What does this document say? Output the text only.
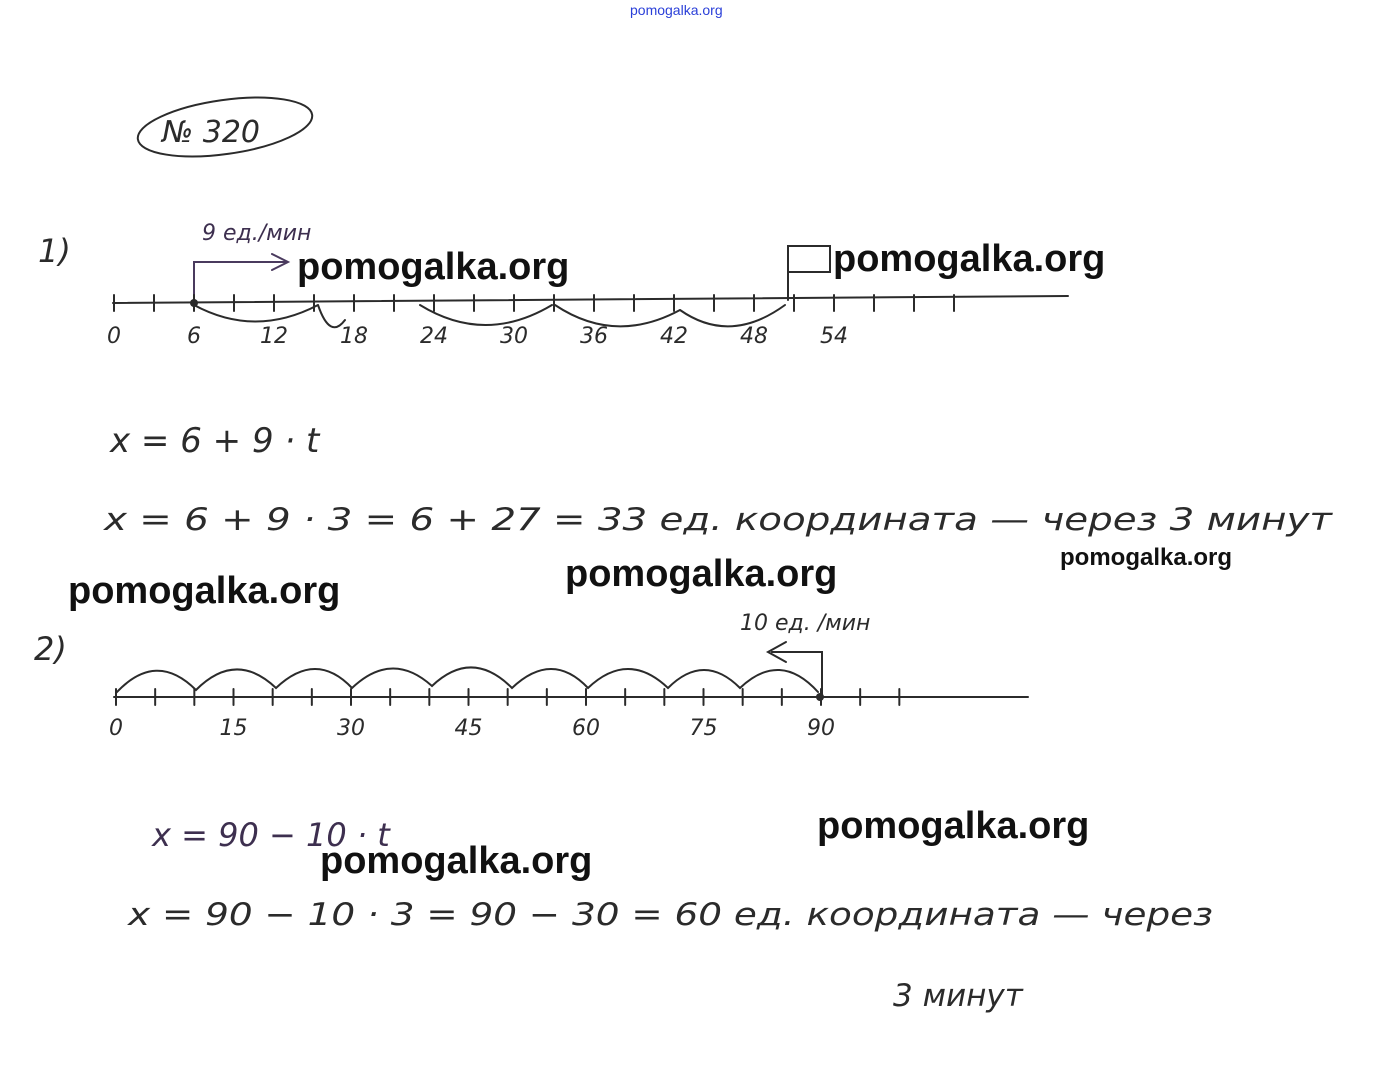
pomogalka.org
№ 320
1)	9 ед./мин
0	6	12 18 24 30 36 42 48 54
x = 6 + 9 · t
x = 6 + 9 · 3 = 6 + 27 = 33 ед. координата — через 3 минут
2)
10 ед. /мин
0	15	30	45	60	75	90
x = 90 − 10 · t
x = 90 − 10 · 3 = 90 − 30 = 60 ед. координата — через
3 минут
pomogalka.org	pomogalka.org
pomogalka.org	pomogalka.org
pomogalka.org
pomogalka.org
pomogalka.org
